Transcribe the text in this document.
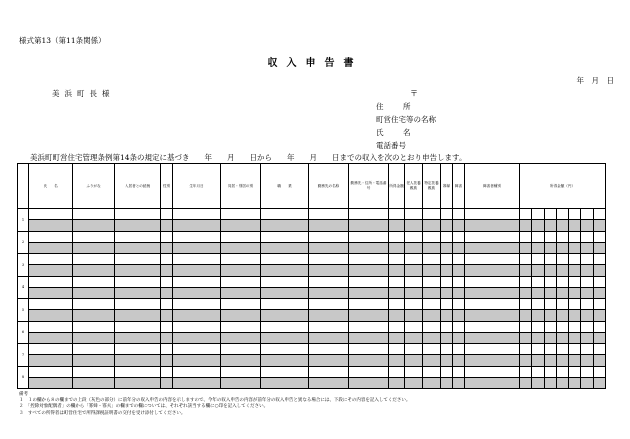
様式第13（第11条関係）
収入申告書
年　月　日
美浜町長様	〒
住　所
町営住宅等の名称
氏　名
電話番号
美浜町町営住宅管理条例第14条の規定に基づき　　年　　月　　日から　　年　　月　　日までの収入を次のとおり申告します。
	氏　　名	ふりがな	入居者との続柄	性別	生年月日	同居・別居の別	職　　業	勤務先の名称	勤務先・住所・電話番号	所得金額	老人扶養親族	特定扶養親族	寡婦	障害	障害者種別	所得金額（円）
1																

2																

3																

4																

5																

6																

7																

8																

備考
１　１の欄から８の欄までの上段（灰色の部分）に前年分の収入申告の内容を示しますので、今年の収入申告の内容が前年分の収入申告と異なる場合には、下段にその内容を記入してください。
２　「控除対象配偶者」の欄から「寡婦・寡夫」の欄までの欄については、それぞれ該当する欄に○印を記入してください。
３　すべての所得者は町営住宅で所得課税証明書の交付を受け添付してください。
